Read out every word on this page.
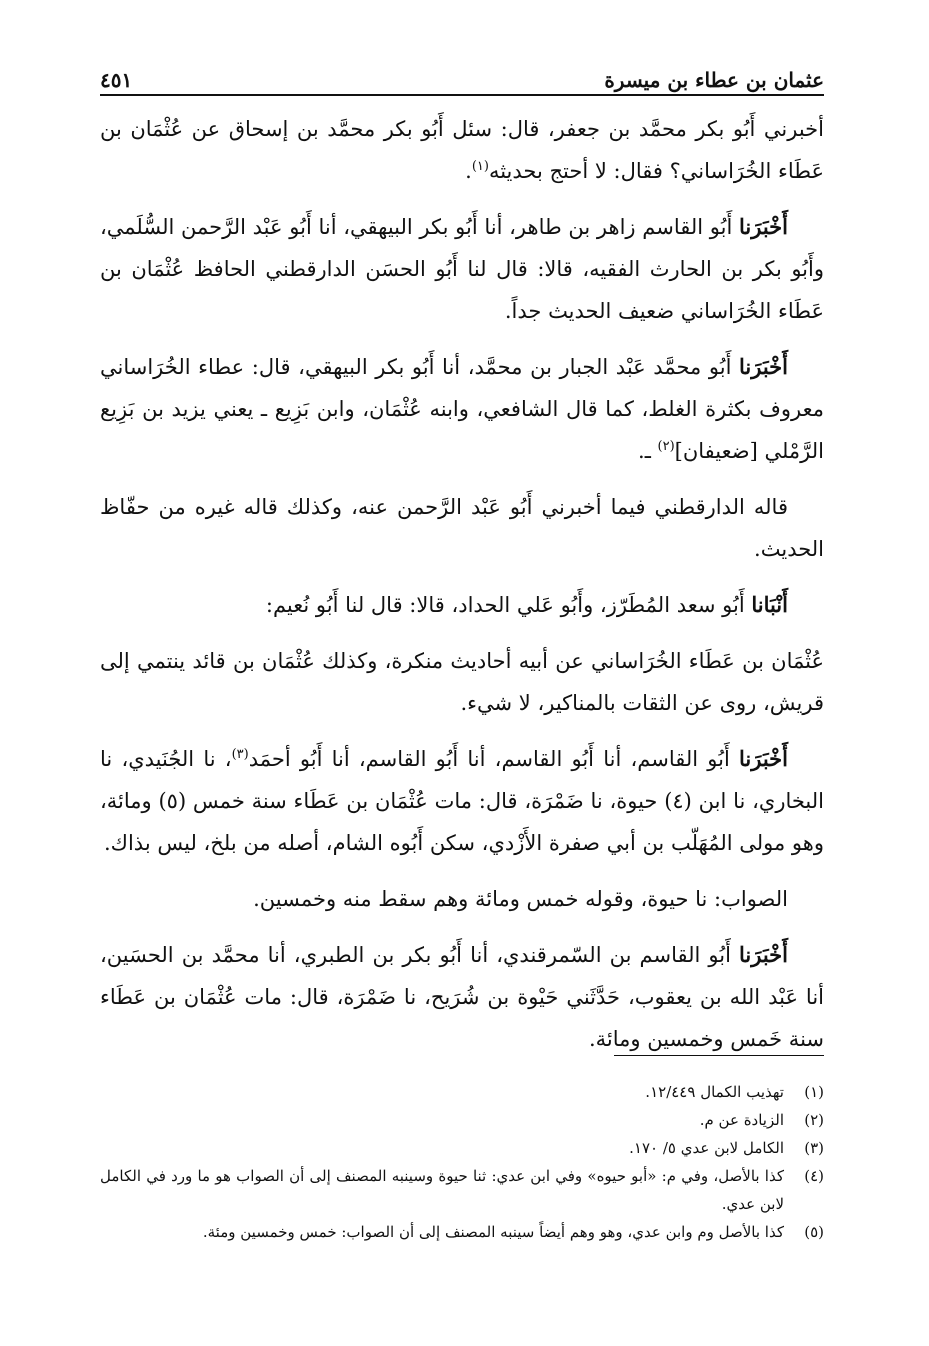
عثمان بن عطاء بن ميسرة
٤٥١

أخبرني أَبُو بكر محمَّد بن جعفر، قال: سئل أَبُو بكر محمَّد بن إسحاق عن عُثْمَان بن عَطَاء الخُرَاساني؟ فقال: لا أحتج بحديثه$^{(١)}$.

أَخْبَرَنا أَبُو القاسم زاهر بن طاهر، أنا أَبُو بكر البيهقي، أنا أَبُو عَبْد الرَّحمن السُّلَمي، وأَبُو بكر بن الحارث الفقيه، قالا: قال لنا أَبُو الحسَن الدارقطني الحافظ عُثْمَان بن عَطَاء الخُرَاساني ضعيف الحديث جداً.

أَخْبَرَنا أَبُو محمَّد عَبْد الجبار بن محمَّد، أنا أَبُو بكر البيهقي، قال: عطاء الخُرَاساني معروف بكثرة الغلط، كما قال الشافعي، وابنه عُثْمَان، وابن بَزِيع ـ يعني يزيد بن بَزِيع الرَّمْلي [ضعيفان]$^{(٢)}$ ـ.

قاله الدارقطني فيما أخبرني أَبُو عَبْد الرَّحمن عنه، وكذلك قاله غيره من حفّاظ الحديث.

أَنْبَانا أَبُو سعد المُطَرّز، وأَبُو عَلي الحداد، قالا: قال لنا أَبُو نُعيم:

عُثْمَان بن عَطَاء الخُرَاساني عن أبيه أحاديث منكرة، وكذلك عُثْمَان بن قائد ينتمي إلى قريش، روى عن الثقات بالمناكير، لا شيء.

أَخْبَرَنا أَبُو القاسم، أنا أَبُو القاسم، أنا أَبُو القاسم، أنا أَبُو أحمَد$^{(٣)}$، نا الجُنَيدي، نا البخاري، نا ابن (٤) حيوة، نا ضَمْرَة، قال: مات عُثْمَان بن عَطَاء سنة خمس (٥) ومائة، وهو مولى المُهَلّب بن أبي صفرة الأَزْدي، سكن أَبُوه الشام، أصله من بلخ، ليس بذاك.

الصواب: نا حيوة، وقوله خمس ومائة وهم سقط منه وخمسين.

أَخْبَرَنا أَبُو القاسم بن السّمرقندي، أنا أَبُو بكر بن الطبري، أنا محمَّد بن الحسَين، أنا عَبْد الله بن يعقوب، حَدَّثَني حَيْوة بن شُرَيح، نا ضَمْرَة، قال: مات عُثْمَان بن عَطَاء سنة خَمس وخمسين ومائة.

(١)
تهذيب الكمال ١٢/٤٤٩.
(٢)
الزيادة عن م.
(٣)
الكامل لابن عدي ٥/ ١٧٠.
(٤)
كذا بالأصل، وفي م: «أبو حيوه» وفي ابن عدي: ثنا حيوة وسينبه المصنف إلى أن الصواب هو ما ورد في الكامل لابن عدي.
(٥)
كذا بالأصل وم وابن عدي، وهو وهم أيضاً سينبه المصنف إلى أن الصواب: خمس وخمسين ومئة.
